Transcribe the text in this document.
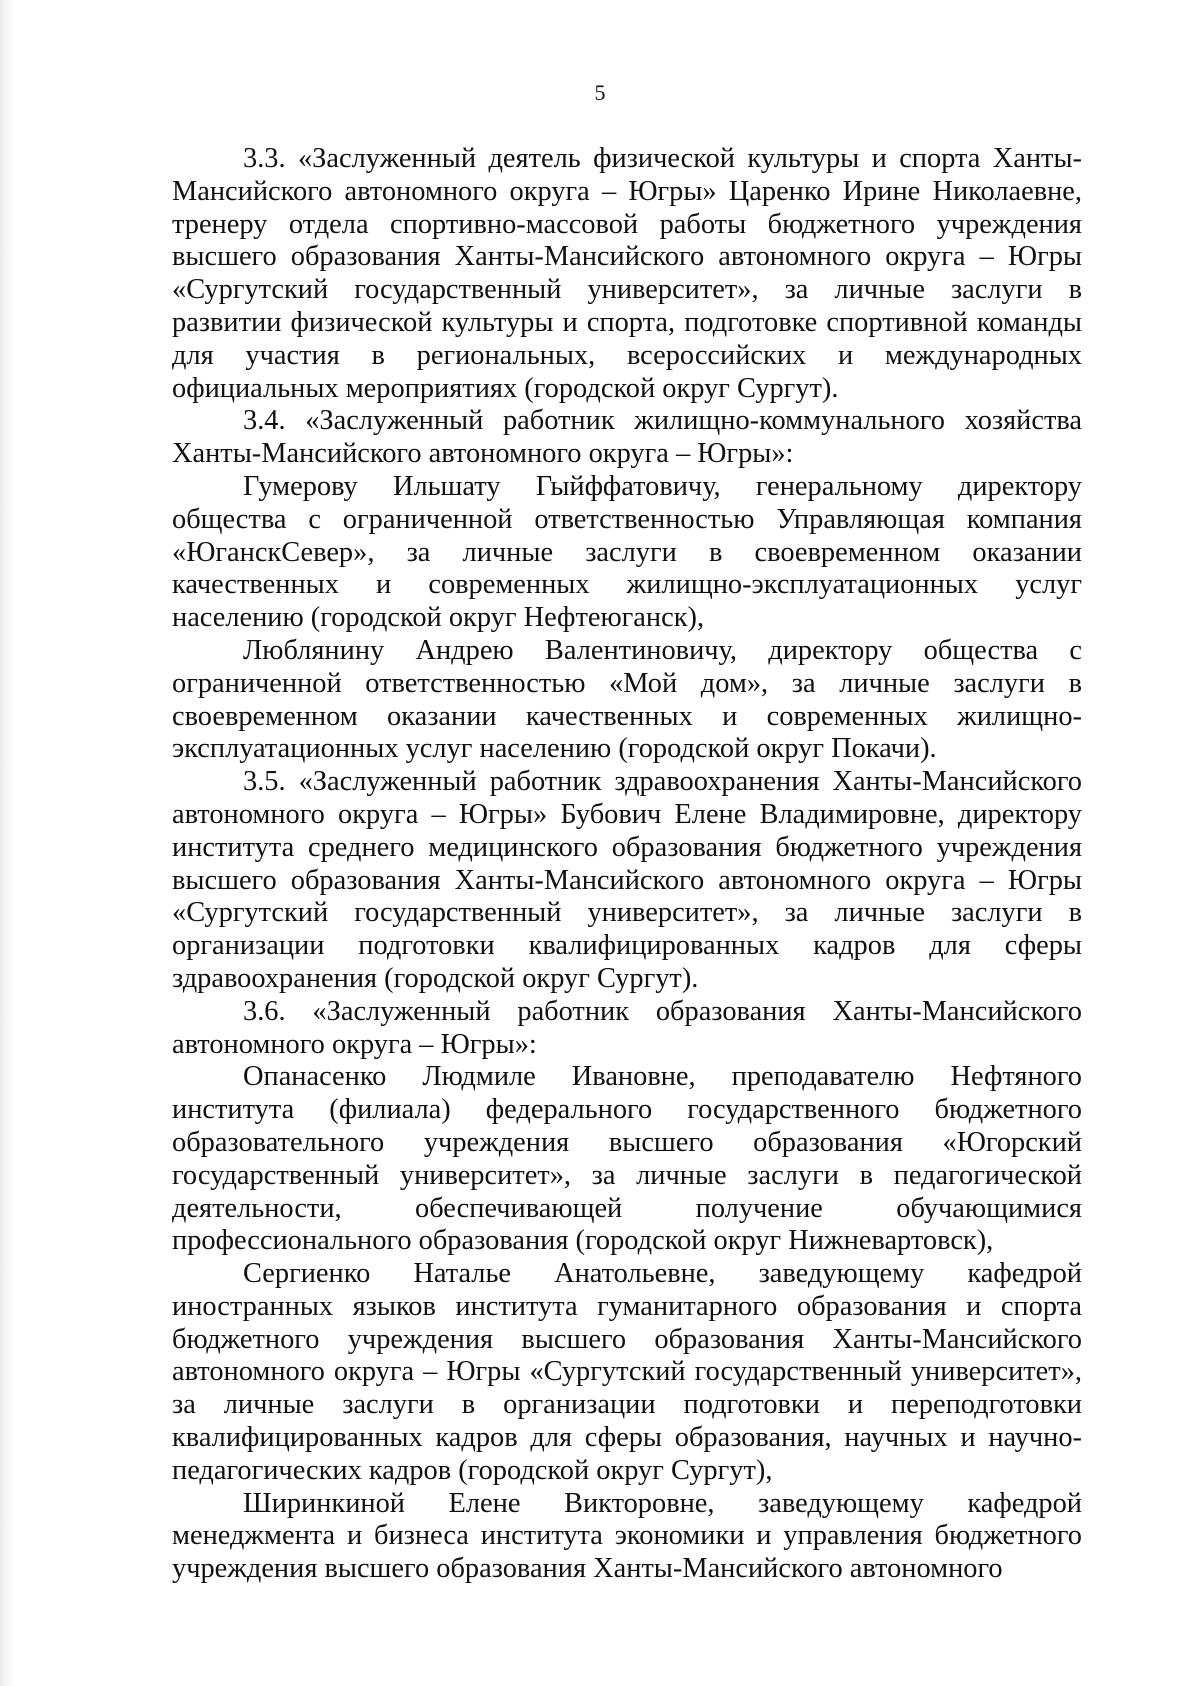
5

3.3. «Заслуженный деятель физической культуры и спорта Ханты-Мансийского автономного округа – Югры» Царенко Ирине Николаевне, тренеру отдела спортивно-массовой работы бюджетного учреждения высшего образования Ханты-Мансийского автономного округа – Югры «Сургутский государственный университет», за личные заслуги в развитии физической культуры и спорта, подготовке спортивной команды для участия в региональных, всероссийских и международных официальных мероприятиях (городской округ Сургут).

3.4. «Заслуженный работник жилищно-коммунального хозяйства Ханты-Мансийского автономного округа – Югры»:

Гумерову Ильшату Гыйффатовичу, генеральному директору общества с ограниченной ответственностью Управляющая компания «ЮганскСевер», за личные заслуги в своевременном оказании качественных и современных жилищно-эксплуатационных услуг населению (городской округ Нефтеюганск),

Люблянину Андрею Валентиновичу, директору общества с ограниченной ответственностью «Мой дом», за личные заслуги в своевременном оказании качественных и современных жилищно-эксплуатационных услуг населению (городской округ Покачи).

3.5. «Заслуженный работник здравоохранения Ханты-Мансийского автономного округа – Югры» Бубович Елене Владимировне, директору института среднего медицинского образования бюджетного учреждения высшего образования Ханты-Мансийского автономного округа – Югры «Сургутский государственный университет», за личные заслуги в организации подготовки квалифицированных кадров для сферы здравоохранения (городской округ Сургут).

3.6. «Заслуженный работник образования Ханты-Мансийского автономного округа – Югры»:

Опанасенко Людмиле Ивановне, преподавателю Нефтяного института (филиала) федерального государственного бюджетного образовательного учреждения высшего образования «Югорский государственный университет», за личные заслуги в педагогической деятельности, обеспечивающей получение обучающимися профессионального образования (городской округ Нижневартовск),

Сергиенко Наталье Анатольевне, заведующему кафедрой иностранных языков института гуманитарного образования и спорта бюджетного учреждения высшего образования Ханты-Мансийского автономного округа – Югры «Сургутский государственный университет», за личные заслуги в организации подготовки и переподготовки квалифицированных кадров для сферы образования, научных и научно-педагогических кадров (городской округ Сургут),

Ширинкиной Елене Викторовне, заведующему кафедрой менеджмента и бизнеса института экономики и управления бюджетного учреждения высшего образования Ханты-Мансийского автономного
